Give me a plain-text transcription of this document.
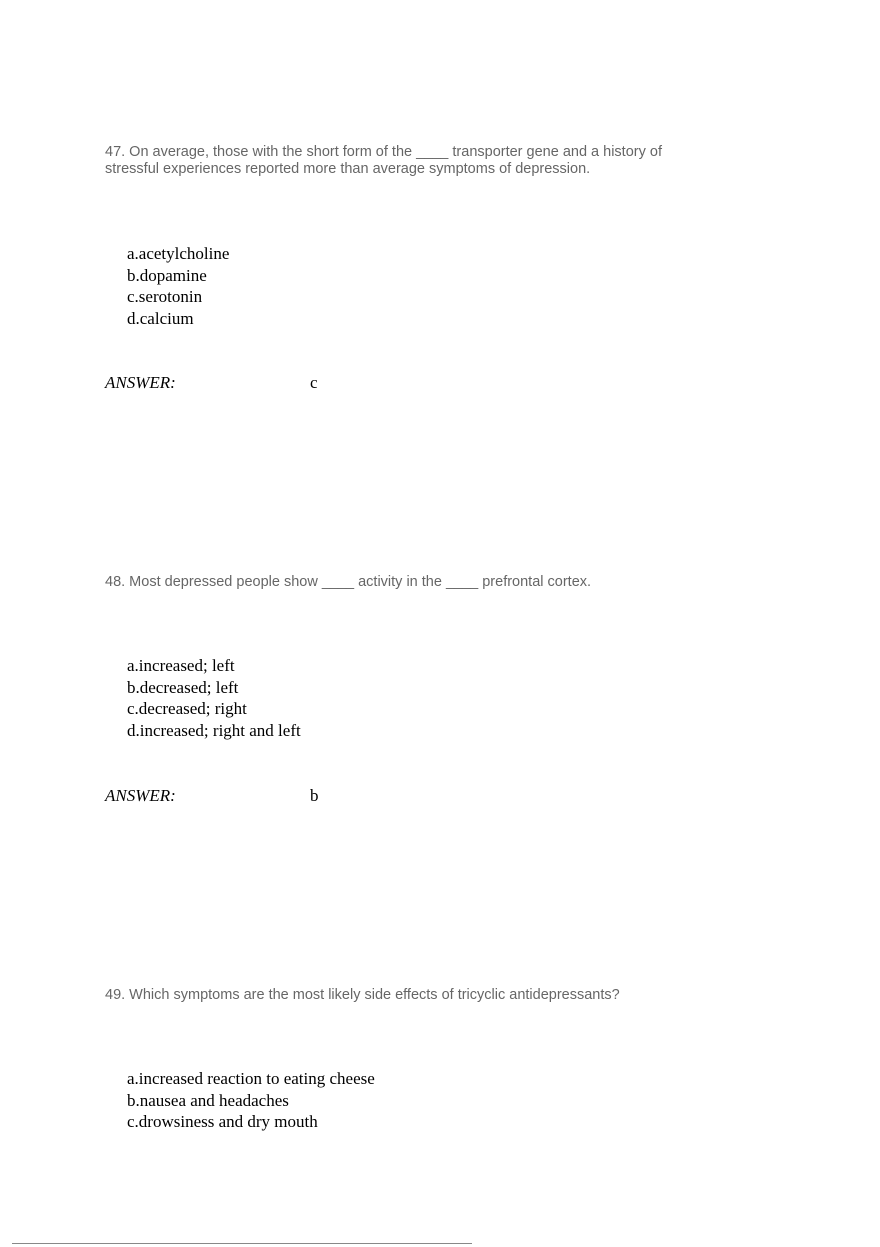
47. On average, those with the short form of the ____ transporter gene and a history of stressful experiences reported more than average symptoms of depression.
a.acetylcholine
b.dopamine
c.serotonin
d.calcium
ANSWER:	c
48. Most depressed people show ____ activity in the ____ prefrontal cortex.
a.increased; left
b.decreased; left
c.decreased; right
d.increased; right and left
ANSWER:	b
49. Which symptoms are the most likely side effects of tricyclic antidepressants?
a.increased reaction to eating cheese
b.nausea and headaches
c.drowsiness and dry mouth
